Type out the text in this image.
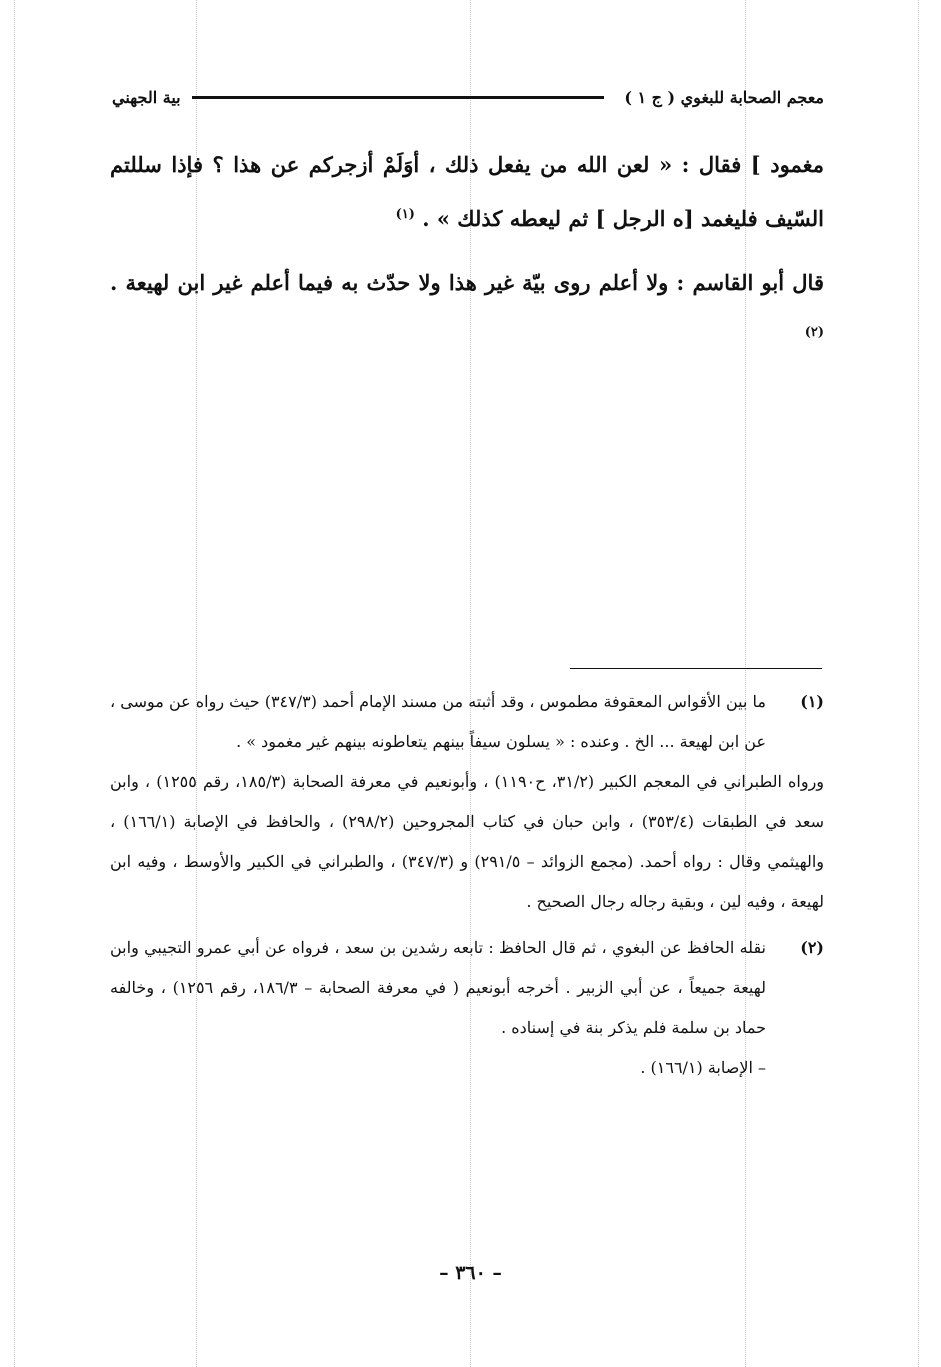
معجم الصحابة للبغوي ( ج ١ )
بية الجهني

مغمود ] فقال : « لعن الله من يفعل ذلك ، أوَلَمْ أزجركم عن هذا ؟ فإذا سللتم السّيف فليغمد [ه الرجل ] ثم ليعطه كذلك » . $^{(١)}$

قال أبو القاسم : ولا أعلم روى بيّة غير هذا ولا حدّث به فيما أعلم غير ابن لهيعة . $^{(٢)}$

(١)

ما بين الأقواس المعقوفة مطموس ، وقد أثبته من مسند الإمام أحمد (٣٤٧/٣) حيث رواه عن موسى ، عن ابن لهيعة ... الخ . وعنده : « يسلون سيفاً بينهم يتعاطونه بينهم غير مغمود » .

ورواه الطبراني في المعجم الكبير (٣١/٢، ح١١٩٠) ، وأبونعيم في معرفة الصحابة (١٨٥/٣، رقم ١٢٥٥) ، وابن سعد في الطبقات (٣٥٣/٤) ، وابن حبان في كتاب المجروحين (٢٩٨/٢) ، والحافظ في الإصابة (١٦٦/١) ، والهيثمي وقال : رواه أحمد. (مجمع الزوائد – ٢٩١/٥) و (٣٤٧/٣) ، والطبراني في الكبير والأوسط ، وفيه ابن لهيعة ، وفيه لين ، وبقية رجاله رجال الصحيح .

(٢)

نقله الحافظ عن البغوي ، ثم قال الحافظ : تابعه رشدين بن سعد ، فرواه عن أبي عمرو التجيبي وابن لهيعة جميعاً ، عن أبي الزبير . أخرجه أبونعيم ( في معرفة الصحابة – ١٨٦/٣، رقم ١٢٥٦) ، وخالفه حماد بن سلمة فلم يذكر بنة في إسناده .

– الإصابة (١٦٦/١) .

– ٣٦٠ –
